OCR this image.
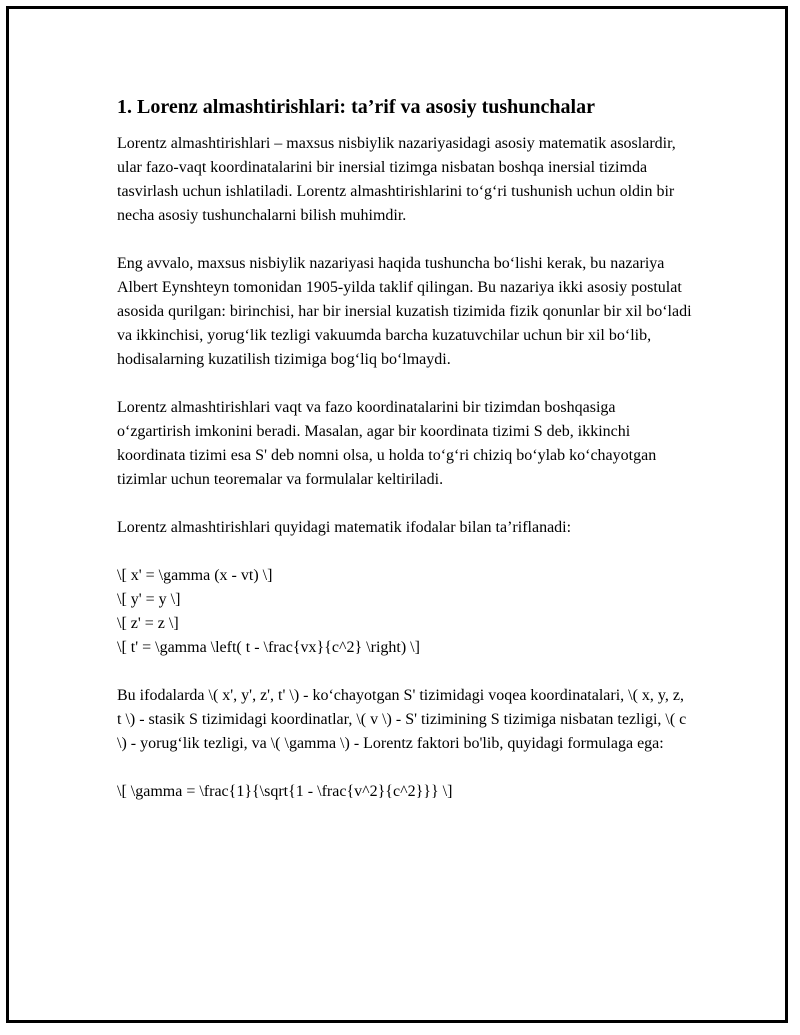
1. Lorenz almashtirishlari: ta’rif va asosiy tushunchalar

Lorentz almashtirishlari – maxsus nisbiylik nazariyasidagi asosiy matematik asoslardir, ular fazo-vaqt koordinatalarini bir inersial tizimga nisbatan boshqa inersial tizimda tasvirlash uchun ishlatiladi. Lorentz almashtirishlarini to‘g‘ri tushunish uchun oldin bir necha asosiy tushunchalarni bilish muhimdir.

Eng avvalo, maxsus nisbiylik nazariyasi haqida tushuncha bo‘lishi kerak, bu nazariya Albert Eynshteyn tomonidan 1905-yilda taklif qilingan. Bu nazariya ikki asosiy postulat asosida qurilgan: birinchisi, har bir inersial kuzatish tizimida fizik qonunlar bir xil bo‘ladi va ikkinchisi, yorug‘lik tezligi vakuumda barcha kuzatuvchilar uchun bir xil bo‘lib, hodisalarning kuzatilish tizimiga bog‘liq bo‘lmaydi.

Lorentz almashtirishlari vaqt va fazo koordinatalarini bir tizimdan boshqasiga o‘zgartirish imkonini beradi. Masalan, agar bir koordinata tizimi S deb, ikkinchi koordinata tizimi esa S' deb nomni olsa, u holda to‘g‘ri chiziq bo‘ylab ko‘chayotgan tizimlar uchun teoremalar va formulalar keltiriladi.

Lorentz almashtirishlari quyidagi matematik ifodalar bilan ta’riflanadi:

\[ x' = \gamma (x - vt) \]
\[ y' = y \]
\[ z' = z \]
\[ t' = \gamma \left( t - \frac{vx}{c^2} \right) \]

Bu ifodalarda \( x', y', z', t' \) - ko‘chayotgan S' tizimidagi voqea koordinatalari, \( x, y, z, t \) - stasik S tizimidagi koordinatlar, \( v \) - S' tizimining S tizimiga nisbatan tezligi, \( c \) - yorug‘lik tezligi, va \( \gamma \) - Lorentz faktori bo'lib, quyidagi formulaga ega:

\[ \gamma = \frac{1}{\sqrt{1 - \frac{v^2}{c^2}}} \]
